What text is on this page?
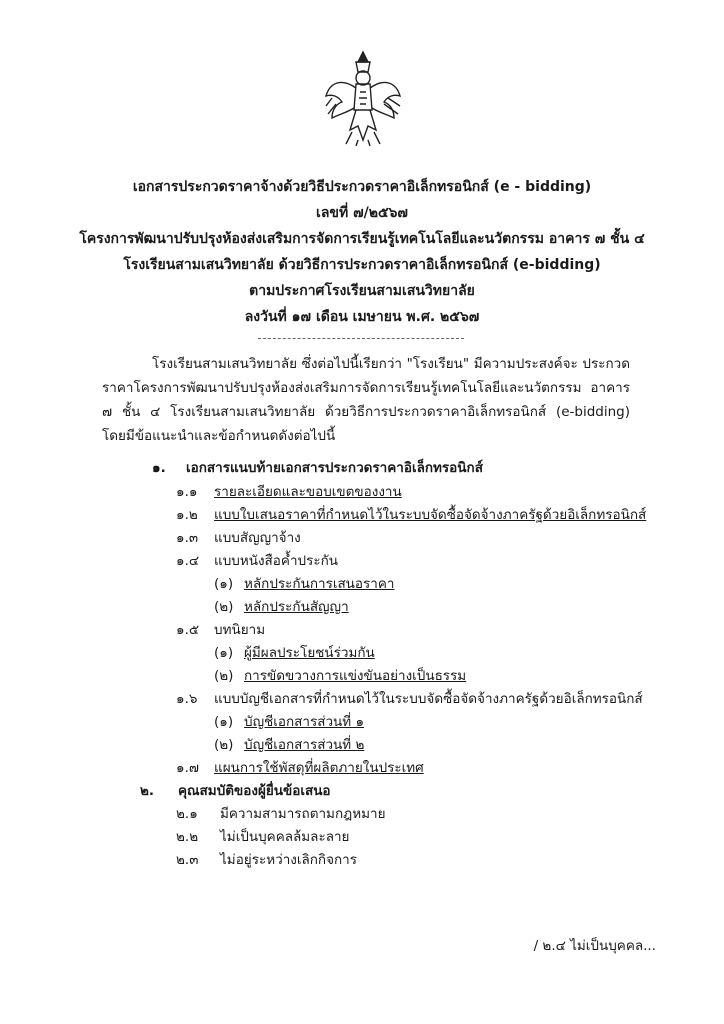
เอกสารประกวดราคาจ้างด้วยวิธีประกวดราคาอิเล็กทรอนิกส์ (e - bidding)
เลขที่ ๗/๒๕๖๗
โครงการพัฒนาปรับปรุงห้องส่งเสริมการจัดการเรียนรู้เทคโนโลยีและนวัตกรรม อาคาร ๗ ชั้น ๔
โรงเรียนสามเสนวิทยาลัย ด้วยวิธีการประกวดราคาอิเล็กทรอนิกส์ (e-bidding)
ตามประกาศโรงเรียนสามเสนวิทยาลัย
ลงวันที่ ๑๗ เดือน เมษายน พ.ศ. ๒๕๖๗
โรงเรียนสามเสนวิทยาลัย ซึ่งต่อไปนี้เรียกว่า "โรงเรียน" มีความประสงค์จะ ประกวดราคาโครงการพัฒนาปรับปรุงห้องส่งเสริมการจัดการเรียนรู้เทคโนโลยีและนวัตกรรม อาคาร ๗ ชั้น ๔ โรงเรียนสามเสนวิทยาลัย ด้วยวิธีการประกวดราคาอิเล็กทรอนิกส์ (e-bidding) โดยมีข้อแนะนำและข้อกำหนดดังต่อไปนี้
๑. เอกสารแนบท้ายเอกสารประกวดราคาอิเล็กทรอนิกส์
๑.๑ รายละเอียดและขอบเขตของงาน
๑.๒ แบบใบเสนอราคาที่กำหนดไว้ในระบบจัดซื้อจัดจ้างภาครัฐด้วยอิเล็กทรอนิกส์
๑.๓ แบบสัญญาจ้าง
๑.๔ แบบหนังสือค้ำประกัน
(๑) หลักประกันการเสนอราคา
(๒) หลักประกันสัญญา
๑.๕ บทนิยาม
(๑) ผู้มีผลประโยชน์ร่วมกัน
(๒) การขัดขวางการแข่งขันอย่างเป็นธรรม
๑.๖ แบบบัญชีเอกสารที่กำหนดไว้ในระบบจัดซื้อจัดจ้างภาครัฐด้วยอิเล็กทรอนิกส์
(๑) บัญชีเอกสารส่วนที่ ๑
(๒) บัญชีเอกสารส่วนที่ ๒
๑.๗ แผนการใช้พัสดุที่ผลิตภายในประเทศ
๒. คุณสมบัติของผู้ยื่นข้อเสนอ
๒.๑ มีความสามารถตามกฎหมาย
๒.๒ ไม่เป็นบุคคลล้มละลาย
๒.๓ ไม่อยู่ระหว่างเลิกกิจการ
/ ๒.๔ ไม่เป็นบุคคล...
